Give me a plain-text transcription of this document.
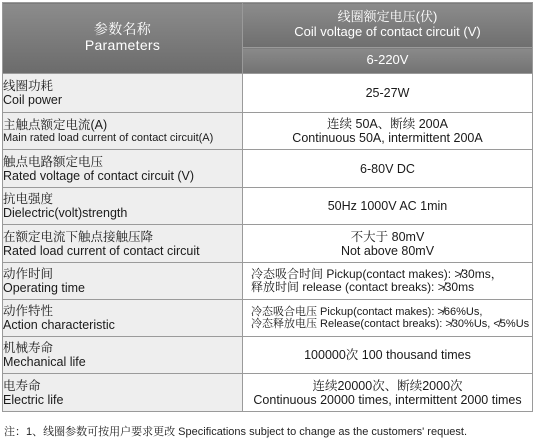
参数名称
Parameters	线圈额定电压(伏)
Coil voltage of contact circuit (V)

	6-220V

线圈功耗
Coil power	25-27W

主触点额定电流(A)
Main rated load current of contact circuit(A)	连续 50A、断续 200A
Continuous 50A, intermittent 200A

触点电路额定电压
Rated voltage of contact circuit (V)	6-80V DC

抗电强度
Dielectric(volt)strength	50Hz 1000V AC 1min

在额定电流下触点接触压降
Rated load current of contact circuit	不大于 80mV
Not above 80mV

动作时间
Operating time	冷态吸合时间 Pickup(contact makes): ≯30ms，
释放时间 release (contact breaks): ≯30ms

动作特性
Action characteristic	冷态吸合电压 Pickup(contact makes): ≯66%Us,
冷态释放电压 Release(contact breaks): ≯30%Us, ≮5%Us

机械寿命
Mechanical life	100000次 100 thousand times

电寿命
Electric life	连续20000次、断续2000次
Continuous 20000 times, intermittent 2000 times
注：1、线圈参数可按用户要求更改 Specifications subject to change as the customers' request.
